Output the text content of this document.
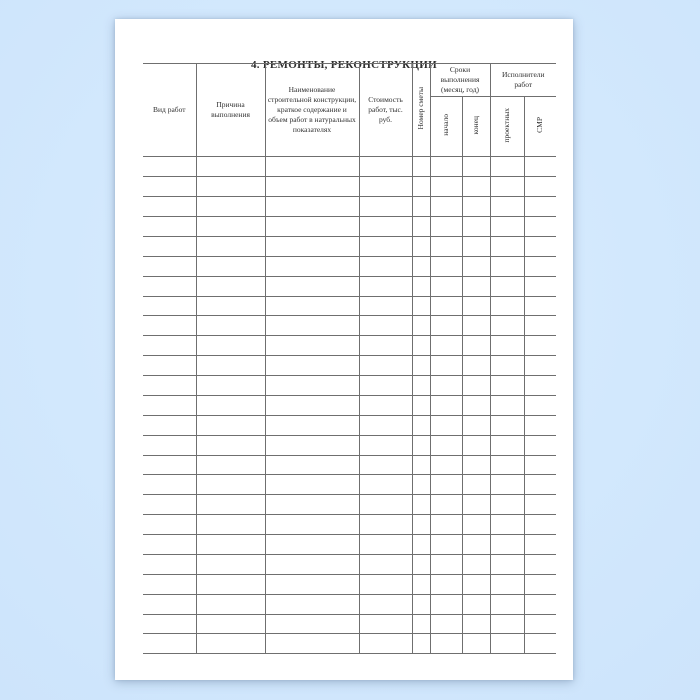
4. РЕМОНТЫ, РЕКОНСТРУКЦИИ
Вид работ	Причина выполнения	Наименование строительной конструкции, краткое содержание и объем работ в натуральных показателях	Стоимость работ, тыс. руб.	Номер сметы	Сроки выполнения (месяц, год)		Исполнители работ	
					начало	конец	проектных	СМР
